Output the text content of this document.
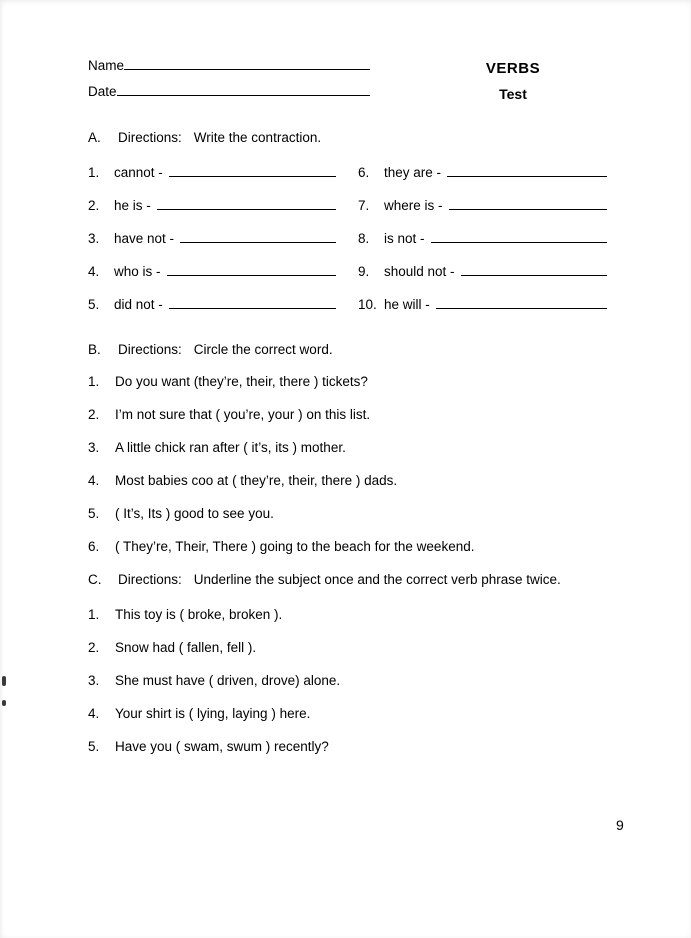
Name
Date
VERBS
Test
A.	Directions: Write the contraction.
1.	cannot -
2.	he is -
3.	have not -
4.	who is -
5.	did not -
6.	they are -
7.	where is -
8.	is not -
9.	should not -
10. he will -
B.	Directions: Circle the correct word.
1.	Do you want (they’re, their, there ) tickets?
2.	I’m not sure that ( you’re, your ) on this list.
3.	A little chick ran after ( it’s, its ) mother.
4.	Most babies coo at ( they’re, their, there ) dads.
5.	( It’s, Its ) good to see you.
6.	( They’re, Their, There ) going to the beach for the weekend.
C.	Directions: Underline the subject once and the correct verb phrase twice.
1.	This toy is ( broke, broken ).
2.	Snow had ( fallen, fell ).
3.	She must have ( driven, drove) alone.
4.	Your shirt is ( lying, laying ) here.
5.	Have you ( swam, swum ) recently?
9
